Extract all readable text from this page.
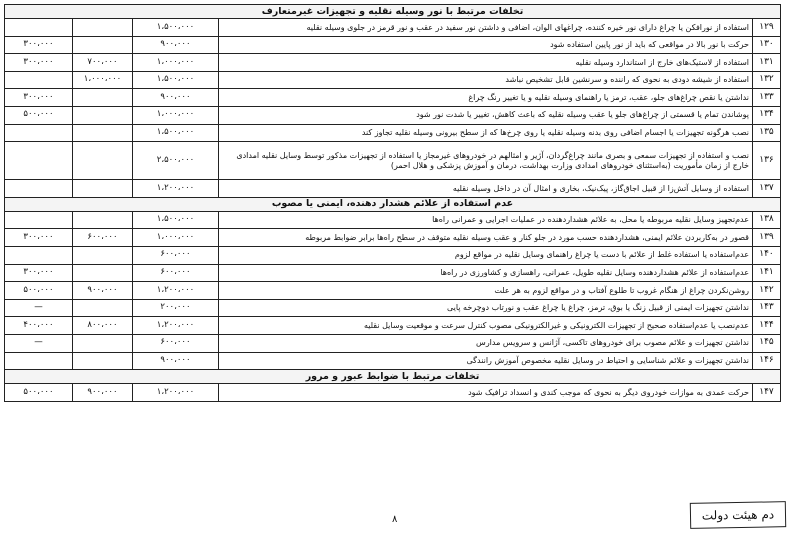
تخلفات مرتبط با نور وسیله نقلیه و تجهیزات غیرمتعارف				
		۱،۵۰۰،۰۰۰	استفاده از نورافکن یا چراغ دارای نور خیره کننده، چراغهای الوان، اضافی و داشتن نور سفید در عقب و نور قرمز در جلوی وسیله نقلیه	۱۲۹
۳۰۰،۰۰۰		۹۰۰،۰۰۰	حرکت با نور بالا در مواقعی که باید از نور پایین استفاده شود	۱۳۰
۳۰۰،۰۰۰	۷۰۰،۰۰۰	۱،۰۰۰،۰۰۰	استفاده از لاستیک‌های خارج از استاندارد وسیله نقلیه	۱۳۱
	۱،۰۰۰،۰۰۰	۱،۵۰۰،۰۰۰	استفاده از شیشه دودی به نحوی که راننده و سرنشین قابل تشخیص نباشد	۱۳۲
۳۰۰،۰۰۰		۹۰۰،۰۰۰	نداشتن یا نقص چراغ‌های جلو، عقب، ترمز یا راهنمای وسیله نقلیه و یا تغییر رنگ چراغ	۱۳۳
۵۰۰،۰۰۰		۱،۰۰۰،۰۰۰	پوشاندن تمام یا قسمتی از چراغ‌های جلو یا عقب وسیله نقلیه که باعث کاهش، تغییر یا شدت نور شود	۱۳۴
		۱،۵۰۰،۰۰۰	نصب هرگونه تجهیزات یا اجسام اضافی روی بدنه وسیله نقلیه یا روی چرخ‌ها که از سطح بیرونی وسیله نقلیه تجاوز کند	۱۳۵
		۲،۵۰۰،۰۰۰	نصب و استفاده از تجهیزات سمعی و بصری مانند چراغ‌گردان، آژیر و امثالهم در خودروهای غیرمجاز یا استفاده از تجهیزات مذکور توسط وسایل نقلیه امدادی خارج از زمان مأموریت (بەاستثنای خودروهای امدادی وزارت بهداشت، درمان و آموزش پزشکی و هلال احمر)	۱۳۶
		۱،۲۰۰،۰۰۰	استفاده از وسایل آتش‌زا از قبیل اجاق‌گاز، پیک‌نیک، بخاری و امثال آن در داخل وسیله نقلیه	۱۳۷
عدم استفاده از علائم هشدار دهنده، ایمنی یا مصوب				
		۱،۵۰۰،۰۰۰	عدم‌تجهیز وسایل نقلیه مربوطه یا محل، به علائم هشداردهنده در عملیات اجرایی و عمرانی راه‌ها	۱۳۸
۳۰۰،۰۰۰	۶۰۰،۰۰۰	۱،۰۰۰،۰۰۰	قصور در به‌کاربردن علائم ایمنی، هشداردهنده حسب مورد در جلو کنار و عقب وسیله نقلیه متوقف در سطح راه‌ها برابر ضوابط مربوطه	۱۳۹
		۶۰۰،۰۰۰	عدم‌استفاده یا استفاده غلط از علائم با دست یا چراغ راهنمای وسایل نقلیه در مواقع لزوم	۱۴۰
۳۰۰،۰۰۰		۶۰۰،۰۰۰	عدم‌استفاده از علائم هشداردهنده وسایل نقلیه طویل، عمرانی، راهسازی و کشاورزی در راه‌ها	۱۴۱
۵۰۰،۰۰۰	۹۰۰،۰۰۰	۱،۲۰۰،۰۰۰	روشن‌نکردن چراغ از هنگام غروب تا طلوع آفتاب و در مواقع لزوم به هر علت	۱۴۲
—		۲۰۰،۰۰۰	نداشتن تجهیزات ایمنی از قبیل زنگ یا بوق، ترمز، چراغ یا چراغ عقب و نورتاب دوچرخه پایی	۱۴۳
۴۰۰،۰۰۰	۸۰۰،۰۰۰	۱،۲۰۰،۰۰۰	عدم‌نصب یا عدم‌استفاده صحیح از تجهیزات الکترونیکی و غیرالکترونیکی مصوب کنترل سرعت و موقعیت وسایل نقلیه	۱۴۴
—		۶۰۰،۰۰۰	نداشتن تجهیزات و علائم مصوب برای خودروهای تاکسی، آژانس و سرویس مدارس	۱۴۵
		۹۰۰،۰۰۰	نداشتن تجهیزات و علائم شناسایی و احتیاط در وسایل نقلیه مخصوص آموزش رانندگی	۱۴۶
تخلفات مرتبط با ضوابط عبور و مرور				
۵۰۰،۰۰۰	۹۰۰،۰۰۰	۱،۲۰۰،۰۰۰	حرکت عمدی به موازات خودروی دیگر به نحوی که موجب کندی و انسداد ترافیک شود	۱۴۷
۸	دم هیئت دولت
